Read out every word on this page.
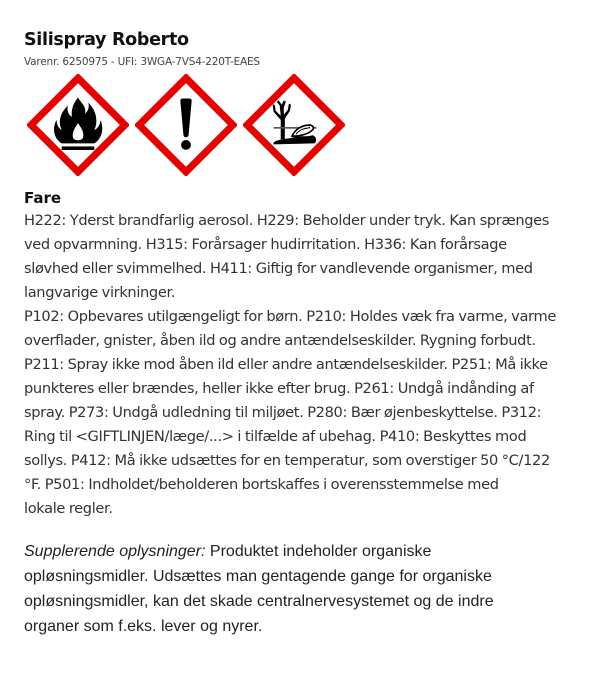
Silispray Roberto
Varenr. 6250975 - UFI: 3WGA-7VS4-220T-EAES
Fare
H222: Yderst brandfarlig aerosol. H229: Beholder under tryk. Kan sprænges
ved opvarmning. H315: Forårsager hudirritation. H336: Kan forårsage
sløvhed eller svimmelhed. H411: Giftig for vandlevende organismer, med
langvarige virkninger.
P102: Opbevares utilgængeligt for børn. P210: Holdes væk fra varme, varme
overflader, gnister, åben ild og andre antændelseskilder. Rygning forbudt.
P211: Spray ikke mod åben ild eller andre antændelseskilder. P251: Må ikke
punkteres eller brændes, heller ikke efter brug. P261: Undgå indånding af
spray. P273: Undgå udledning til miljøet. P280: Bær øjenbeskyttelse. P312:
Ring til <GIFTLINJEN/læge/...> i tilfælde af ubehag. P410: Beskyttes mod
sollys. P412: Må ikke udsættes for en temperatur, som overstiger 50 °C/122
°F. P501: Indholdet/beholderen bortskaffes i overensstemmelse med
lokale regler.
Supplerende oplysninger: Produktet indeholder organiske
opløsningsmidler. Udsættes man gentagende gange for organiske
opløsningsmidler, kan det skade centralnervesystemet og de indre
organer som f.eks. lever og nyrer.
